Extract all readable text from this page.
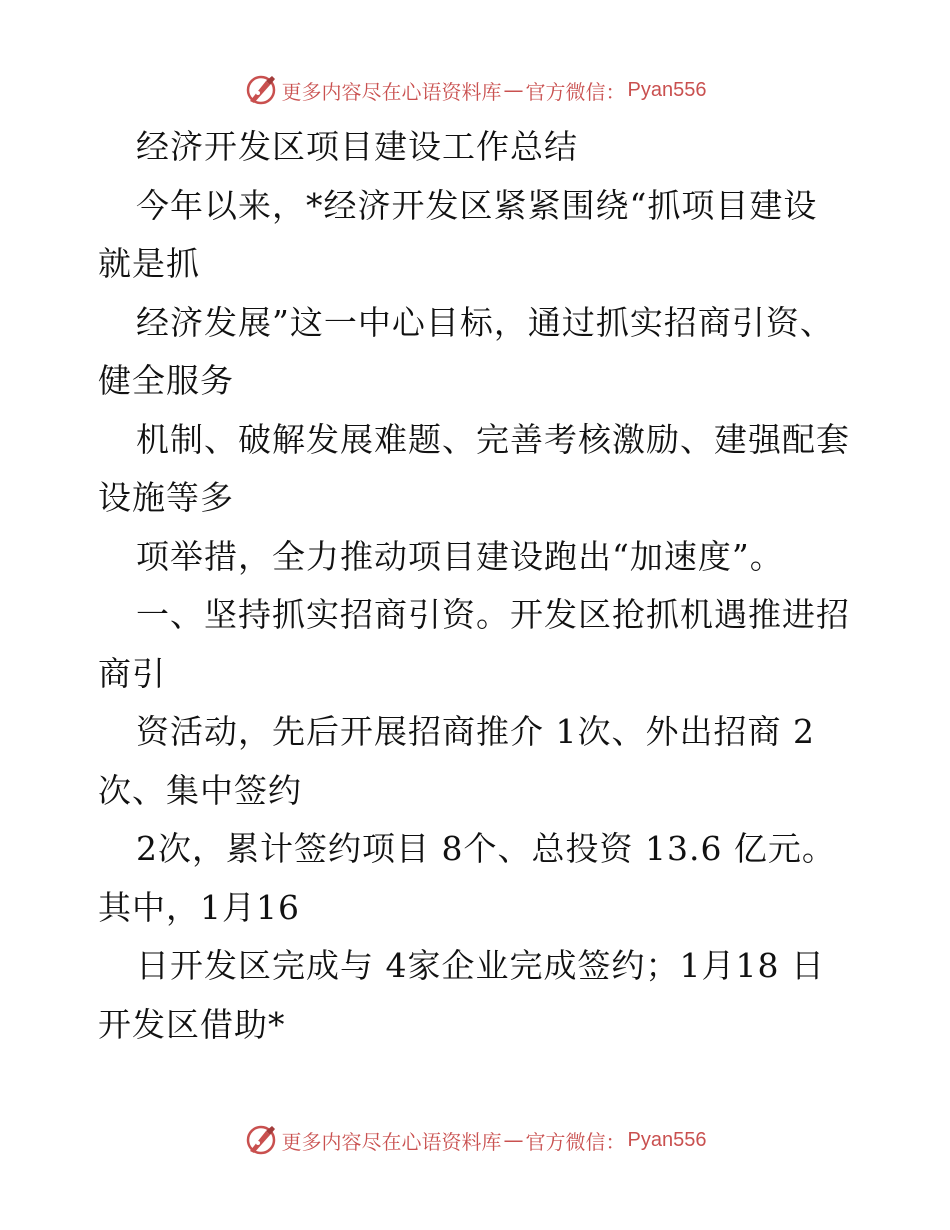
更多内容尽在心语资料库 — 官方微信： Pyan556
经济开发区项目建设工作总结
今年以来，*经济开发区紧紧围绕“抓项目建设
就是抓
经济发展”这一中心目标，通过抓实招商引资、
健全服务
机制、破解发展难题、完善考核激励、建强配套
设施等多
项举措，全力推动项目建设跑出“加速度”。
一、坚持抓实招商引资。开发区抢抓机遇推进招
商引
资活动，先后开展招商推介 1次、外出招商 2
次、集中签约
2次，累计签约项目 8个、总投资 13.6 亿元。
其中，1月16
日开发区完成与 4家企业完成签约；1月18 日
开发区借助*
更多内容尽在心语资料库 — 官方微信： Pyan556
